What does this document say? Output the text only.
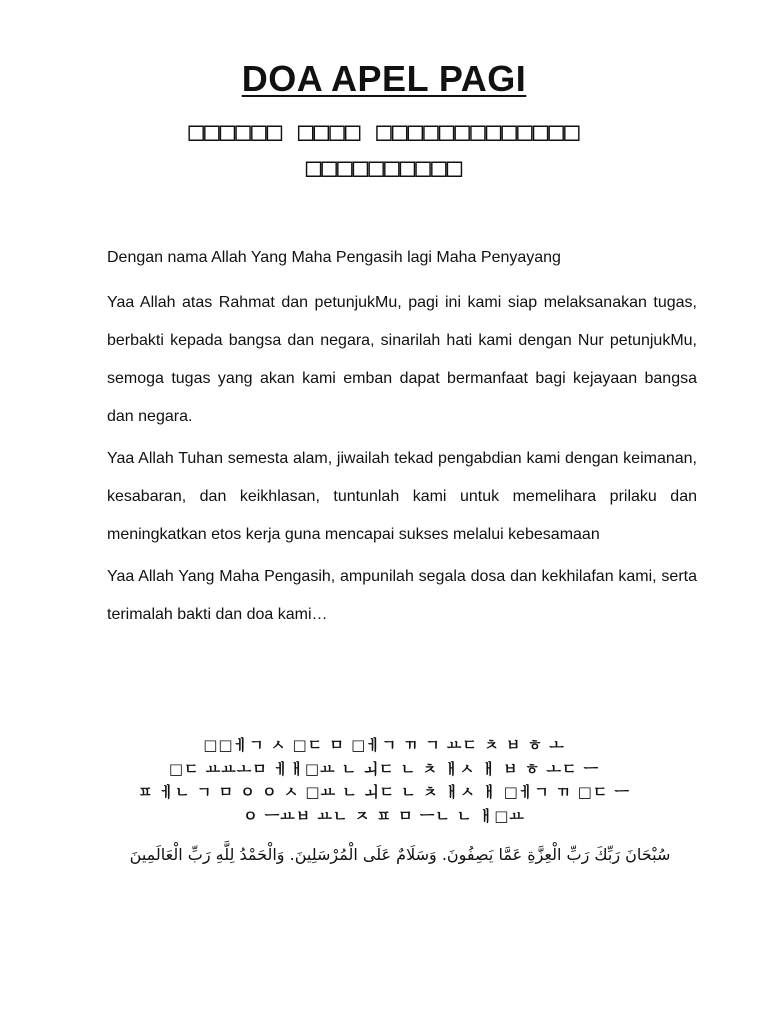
DOA APEL PAGI
□□□□□□ □□□□ □□□□□□□□□□□□□
□□□□□□□□□□

Dengan nama Allah Yang Maha Pengasih lagi Maha Penyayang

Yaa Allah atas Rahmat dan petunjukMu, pagi ini kami siap melaksanakan tugas, berbakti kepada bangsa dan negara, sinarilah hati kami dengan Nur petunjukMu, semoga tugas yang akan kami emban dapat bermanfaat bagi kejayaan bangsa dan negara.

Yaa Allah Tuhan semesta alam, jiwailah tekad pengabdian kami dengan keimanan, kesabaran, dan keikhlasan, tuntunlah kami untuk memelihara prilaku dan meningkatkan etos kerja guna mencapai sukses melalui kebesamaan

Yaa Allah Yang Maha Pengasih, ampunilah segala dosa dan kekhilafan kami, serta terimalah bakti dan doa kami…

□□ㅔㄱ ㅅ □ㄷ ㅁ □ㅔㄱ ㄲ ㄱ ㅛㄷ ㅊ ㅂ ㅎ ㅗ
□ㄷ ㅛㅛㅗㅁ ㅔㅐ□ㅛ ㄴ ㅚㄷ ㄴ ㅊ ㅐㅅ ㅐ ㅂ ㅎ ㅗㄷ ㅡ
ㅍ ㅔㄴ ㄱ ㅁ ㅇ ㅇ ㅅ □ㅛ ㄴ ㅚㄷ ㄴ ㅊ ㅐㅅ ㅐ □ㅔㄱ ㄲ □ㄷ ㅡ
ㅇ ㅡㅛㅂ ㅛㄴ ㅈ ㅍ ㅁ ㅡㄴ ㄴ ㅐ□ㅛ
سُبْحَانَ رَبِّكَ رَبِّ الْعِزَّةِ عَمَّا يَصِفُونَ. وَسَلَامٌ عَلَى الْمُرْسَلِينَ. وَالْحَمْدُ لِلَّهِ رَبِّ الْعَالَمِينَ
